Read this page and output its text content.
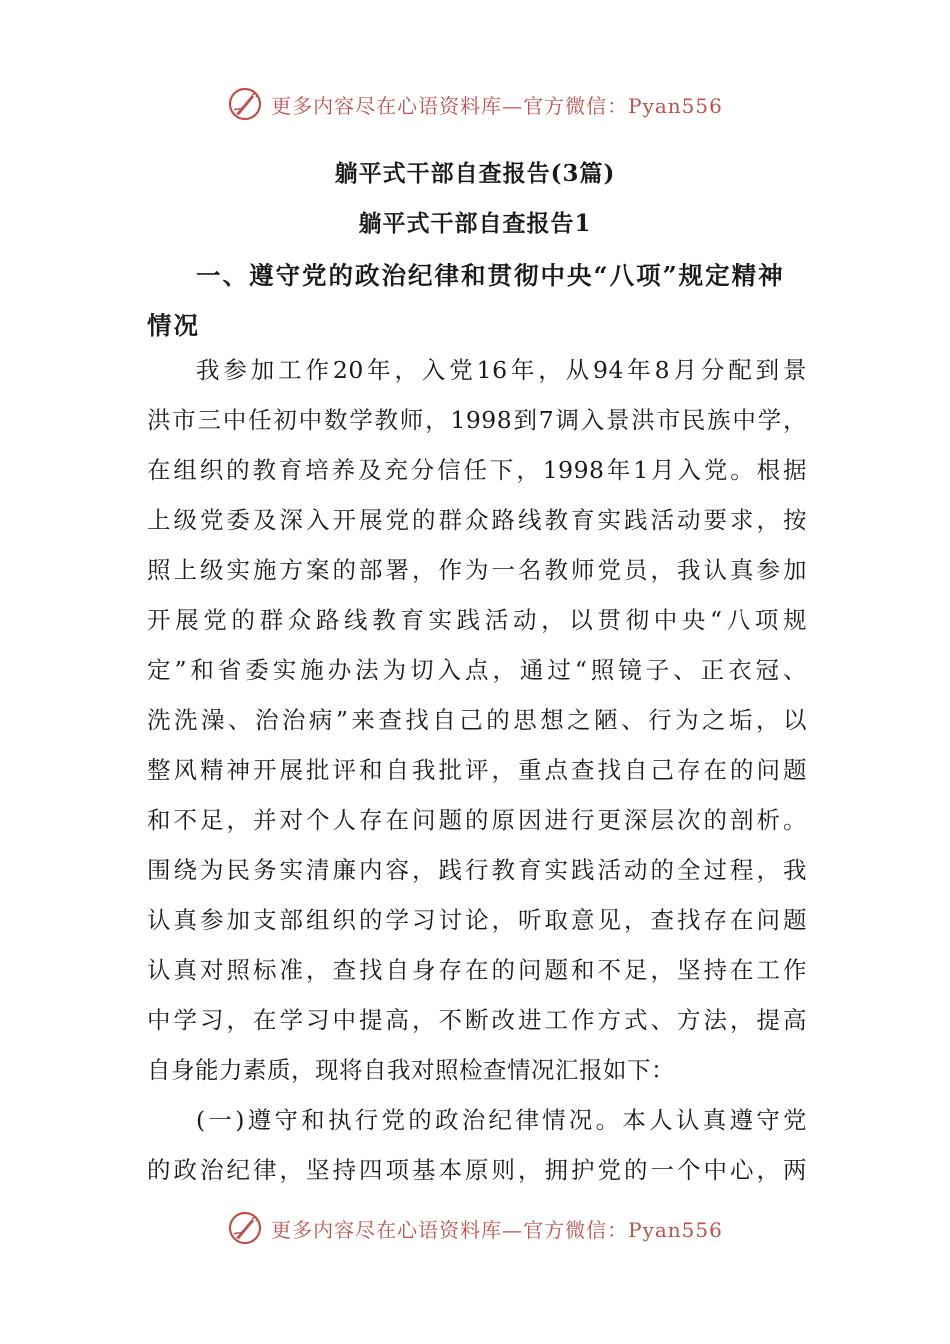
更多内容尽在心语资料库—官方微信：Pyan556
躺平式干部自查报告(3篇)
躺平式干部自查报告1

一、遵守党的政治纪律和贯彻中央“八项”规定精神情况

我参加工作20年，入党16年，从94年8月分配到景
洪市三中任初中数学教师，1998到7调入景洪市民族中学，
在组织的教育培养及充分信任下，1998年1月入党。根据
上级党委及深入开展党的群众路线教育实践活动要求，按
照上级实施方案的部署，作为一名教师党员，我认真参加
开展党的群众路线教育实践活动，以贯彻中央“八项规
定”和省委实施办法为切入点，通过“照镜子、正衣冠、
洗洗澡、治治病”来查找自己的思想之陋、行为之垢，以
整风精神开展批评和自我批评，重点查找自己存在的问题
和不足，并对个人存在问题的原因进行更深层次的剖析。
围绕为民务实清廉内容，践行教育实践活动的全过程，我
认真参加支部组织的学习讨论，听取意见，查找存在问题
认真对照标准，查找自身存在的问题和不足，坚持在工作
中学习，在学习中提高，不断改进工作方式、方法，提高
自身能力素质，现将自我对照检查情况汇报如下：
(一)遵守和执行党的政治纪律情况。本人认真遵守党
的政治纪律，坚持四项基本原则，拥护党的一个中心，两
更多内容尽在心语资料库—官方微信：Pyan556
